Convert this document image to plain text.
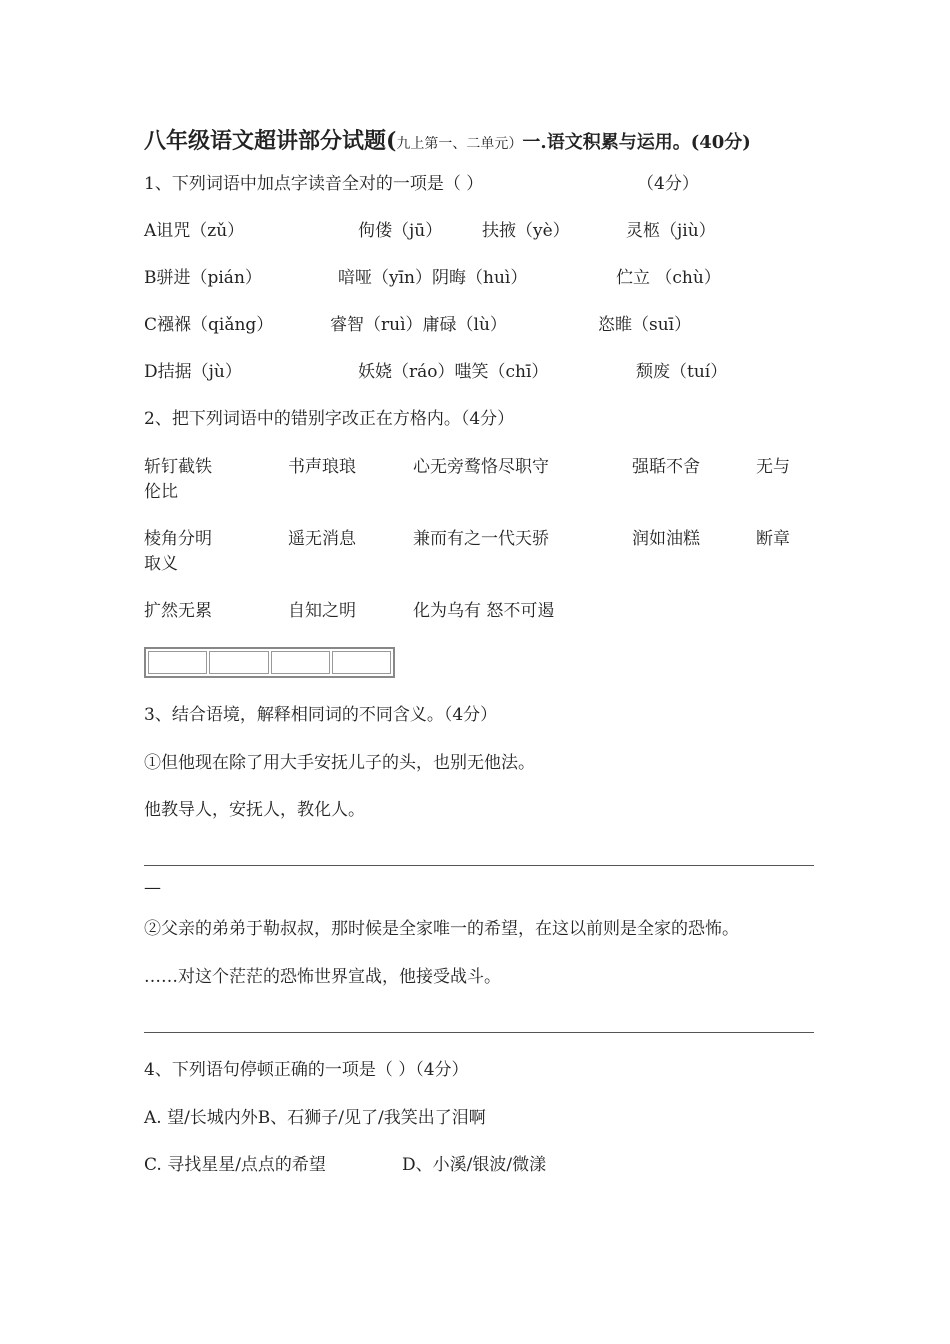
八年级语文超讲部分试题(九上第一、二单元）一.语文积累与运用。(40分)
1、下列词语中加点字读音全对的一项是（ ）	（4分）
A诅咒（zǔ）	佝偻（jū） 扶掖（yè）	灵柩（jiù）
B骈进（pián）	喑哑（yīn）阴晦（huì）	伫立 （chù）
C襁褓（qiǎng）	睿智（ruì）庸碌（lù）	恣睢（suī）
D拮据（jù）	妖娆（ráo）嗤笑（chī）	颓废（tuí）
2、把下列词语中的错别字改正在方格内。（4分）
斩钉截铁	书声琅琅	心无旁鹜恪尽职守	强聒不舍	无与
伦比
棱角分明	遥无消息	兼而有之一代天骄	润如油糕	断章
取义
扩然无累	自知之明	化为乌有 怒不可遏
3、结合语境，解释相同词的不同含义。（4分）
①但他现在除了用大手安抚儿子的头，也别无他法。
他教导人，安抚人，教化人。
—
②父亲的弟弟于勒叔叔，那时候是全家唯一的希望，在这以前则是全家的恐怖。
……对这个茫茫的恐怖世界宣战，他接受战斗。
4、下列语句停顿正确的一项是（ ）（4分）
A. 望/长城内外B、石狮子/见了/我笑出了泪啊
C. 寻找星星/点点的希望	D、小溪/银波/微漾
